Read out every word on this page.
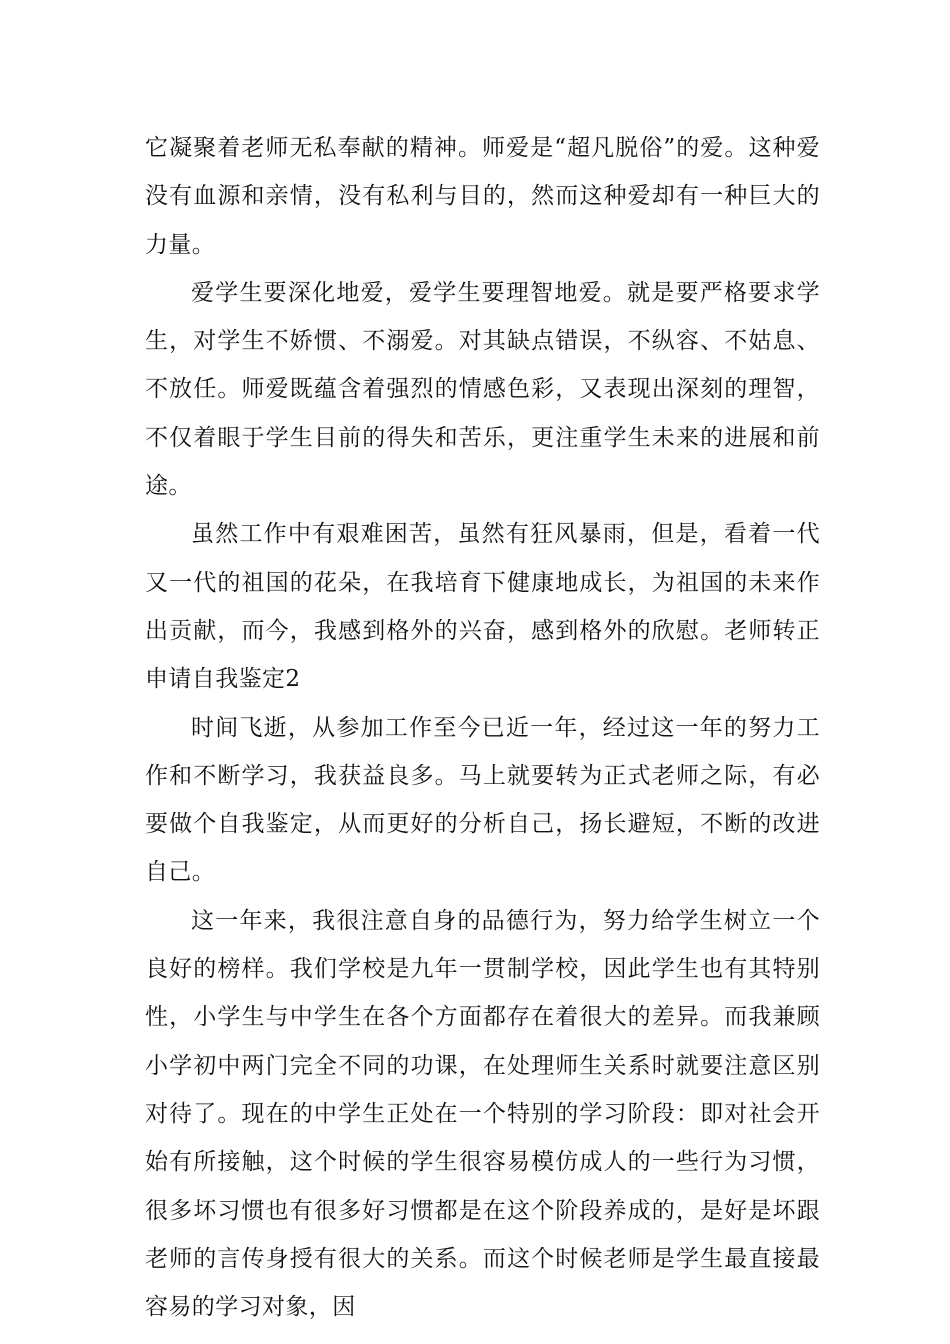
它凝聚着老师无私奉献的精神。师爱是“超凡脱俗”的爱。这种爱没有血源和亲情，没有私利与目的，然而这种爱却有一种巨大的力量。

爱学生要深化地爱，爱学生要理智地爱。就是要严格要求学生，对学生不娇惯、不溺爱。对其缺点错误，不纵容、不姑息、不放任。师爱既蕴含着强烈的情感色彩，又表现出深刻的理智，不仅着眼于学生目前的得失和苦乐，更注重学生未来的进展和前途。

虽然工作中有艰难困苦，虽然有狂风暴雨，但是，看着一代又一代的祖国的花朵，在我培育下健康地成长，为祖国的未来作出贡献，而今，我感到格外的兴奋，感到格外的欣慰。老师转正申请自我鉴定2

时间飞逝，从参加工作至今已近一年，经过这一年的努力工作和不断学习，我获益良多。马上就要转为正式老师之际，有必要做个自我鉴定，从而更好的分析自己，扬长避短，不断的改进自己。

这一年来，我很注意自身的品德行为，努力给学生树立一个良好的榜样。我们学校是九年一贯制学校，因此学生也有其特别性，小学生与中学生在各个方面都存在着很大的差异。而我兼顾小学初中两门完全不同的功课，在处理师生关系时就要注意区别对待了。现在的中学生正处在一个特别的学习阶段：即对社会开始有所接触，这个时候的学生很容易模仿成人的一些行为习惯，很多坏习惯也有很多好习惯都是在这个阶段养成的，是好是坏跟老师的言传身授有很大的关系。而这个时候老师是学生最直接最容易的学习对象，因
